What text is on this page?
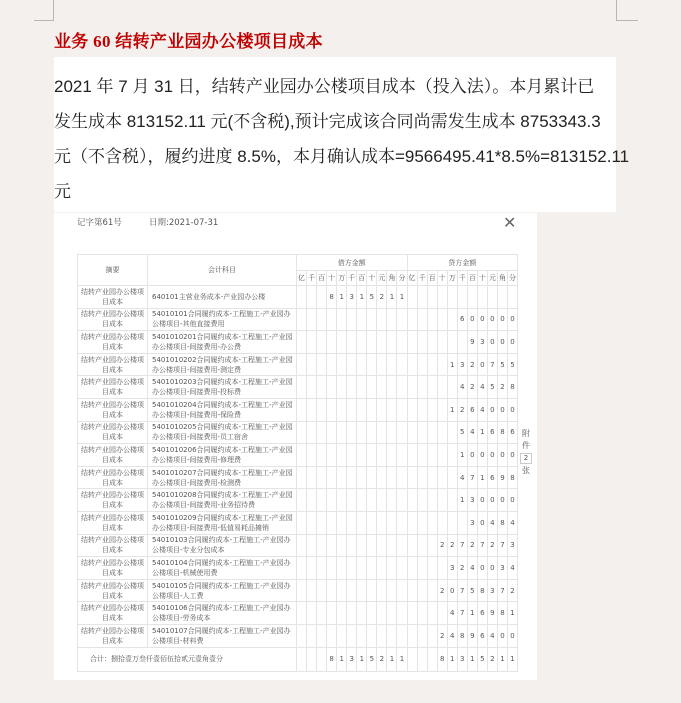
业务 60 结转产业园办公楼项目成本
2021 年 7 月 31 日，结转产业园办公楼项目成本（投入法）。本月累计已
发生成本 813152.11 元(不含税),预计完成该合同尚需发生成本 8753343.3
元（不含税），履约进度 8.5%，本月确认成本=9566495.41*8.5%=813152.11
元
记字第61号	日期:2021-07-31	✕
摘要	会计科目	借方金额											贷方金额										
		亿	千	百	十	万	千	百	十	元	角	分	亿	千	百	十	万	千	百	十	元	角	分
结转产业园办公楼项目成本	640101主营业务成本-产业园办公楼				8	1	3	1	5	2	1	1											
结转产业园办公楼项目成本	54010101合同履约成本-工程施工-产业园办公楼项目-其他直接费用																	6	0	0	0	0	0
结转产业园办公楼项目成本	5401010201合同履约成本-工程施工-产业园办公楼项目-间接费用-办公费																		9	3	0	0	0
结转产业园办公楼项目成本	5401010202合同履约成本-工程施工-产业园办公楼项目-间接费用-测定费																1	3	2	0	7	5	5
结转产业园办公楼项目成本	5401010203合同履约成本-工程施工-产业园办公楼项目-间接费用-投标费																	4	2	4	5	2	8
结转产业园办公楼项目成本	5401010204合同履约成本-工程施工-产业园办公楼项目-间接费用-保险费																1	2	6	4	0	0	0
结转产业园办公楼项目成本	5401010205合同履约成本-工程施工-产业园办公楼项目-间接费用-员工宿舍																	5	4	1	6	8	6
结转产业园办公楼项目成本	5401010206合同履约成本-工程施工-产业园办公楼项目-间接费用-修理费																	1	0	0	0	0	0
结转产业园办公楼项目成本	5401010207合同履约成本-工程施工-产业园办公楼项目-间接费用-检测费																	4	7	1	6	9	8
结转产业园办公楼项目成本	5401010208合同履约成本-工程施工-产业园办公楼项目-间接费用-业务招待费																	1	3	0	0	0	0
结转产业园办公楼项目成本	5401010209合同履约成本-工程施工-产业园办公楼项目-间接费用-低值易耗品摊销																		3	0	4	8	4
结转产业园办公楼项目成本	54010103合同履约成本-工程施工-产业园办公楼项目-专业分包成本															2	2	7	2	7	2	7	3
结转产业园办公楼项目成本	54010104合同履约成本-工程施工-产业园办公楼项目-机械使用费																3	2	4	0	0	3	4
结转产业园办公楼项目成本	54010105合同履约成本-工程施工-产业园办公楼项目-人工费															2	0	7	5	8	3	7	2
结转产业园办公楼项目成本	54010106合同履约成本-工程施工-产业园办公楼项目-劳务成本																4	7	1	6	9	8	1
结转产业园办公楼项目成本	54010107合同履约成本-工程施工-产业园办公楼项目-材料费															2	4	8	9	6	4	0	0
合计：捌拾壹万叁仟壹佰伍拾贰元壹角壹分					8	1	3	1	5	2	1	1				8	1	3	1	5	2	1	1
附件
2
张
